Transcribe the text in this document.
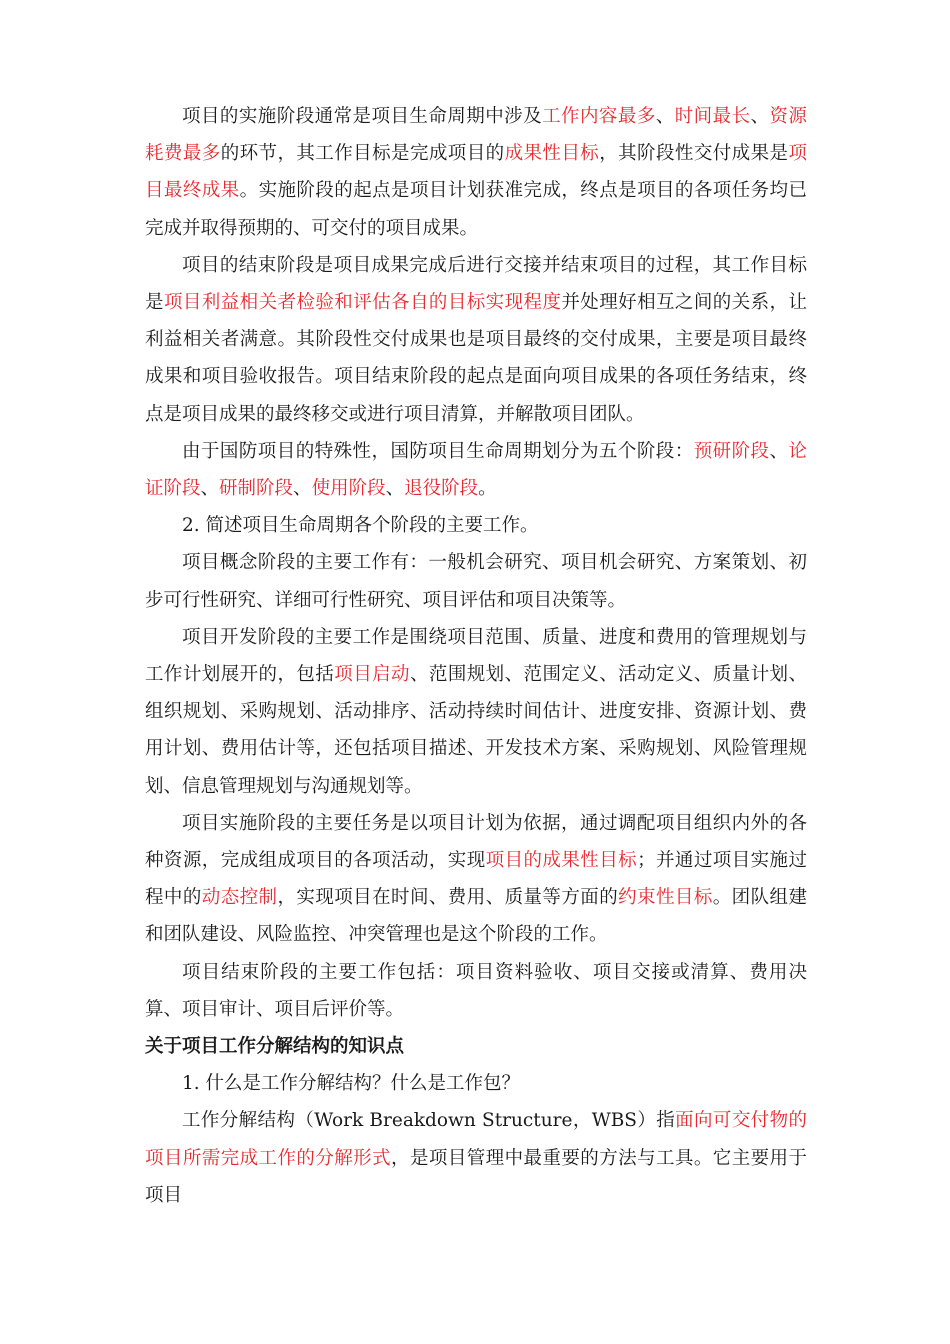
项目的实施阶段通常是项目生命周期中涉及工作内容最多、时间最长、资源耗费最多的环节，其工作目标是完成项目的成果性目标，其阶段性交付成果是项目最终成果。实施阶段的起点是项目计划获准完成，终点是项目的各项任务均已完成并取得预期的、可交付的项目成果。

项目的结束阶段是项目成果完成后进行交接并结束项目的过程，其工作目标是项目利益相关者检验和评估各自的目标实现程度并处理好相互之间的关系，让利益相关者满意。其阶段性交付成果也是项目最终的交付成果，主要是项目最终成果和项目验收报告。项目结束阶段的起点是面向项目成果的各项任务结束，终点是项目成果的最终移交或进行项目清算，并解散项目团队。

由于国防项目的特殊性，国防项目生命周期划分为五个阶段：预研阶段、论证阶段、研制阶段、使用阶段、退役阶段。

2. 简述项目生命周期各个阶段的主要工作。

项目概念阶段的主要工作有：一般机会研究、项目机会研究、方案策划、初步可行性研究、详细可行性研究、项目评估和项目决策等。

项目开发阶段的主要工作是围绕项目范围、质量、进度和费用的管理规划与工作计划展开的，包括项目启动、范围规划、范围定义、活动定义、质量计划、组织规划、采购规划、活动排序、活动持续时间估计、进度安排、资源计划、费用计划、费用估计等，还包括项目描述、开发技术方案、采购规划、风险管理规划、信息管理规划与沟通规划等。

项目实施阶段的主要任务是以项目计划为依据，通过调配项目组织内外的各种资源，完成组成项目的各项活动，实现项目的成果性目标；并通过项目实施过程中的动态控制，实现项目在时间、费用、质量等方面的约束性目标。团队组建和团队建设、风险监控、冲突管理也是这个阶段的工作。

项目结束阶段的主要工作包括：项目资料验收、项目交接或清算、费用决算、项目审计、项目后评价等。

关于项目工作分解结构的知识点

1. 什么是工作分解结构？什么是工作包？

工作分解结构（Work Breakdown Structure，WBS）指面向可交付物的项目所需完成工作的分解形式，是项目管理中最重要的方法与工具。它主要用于项目
